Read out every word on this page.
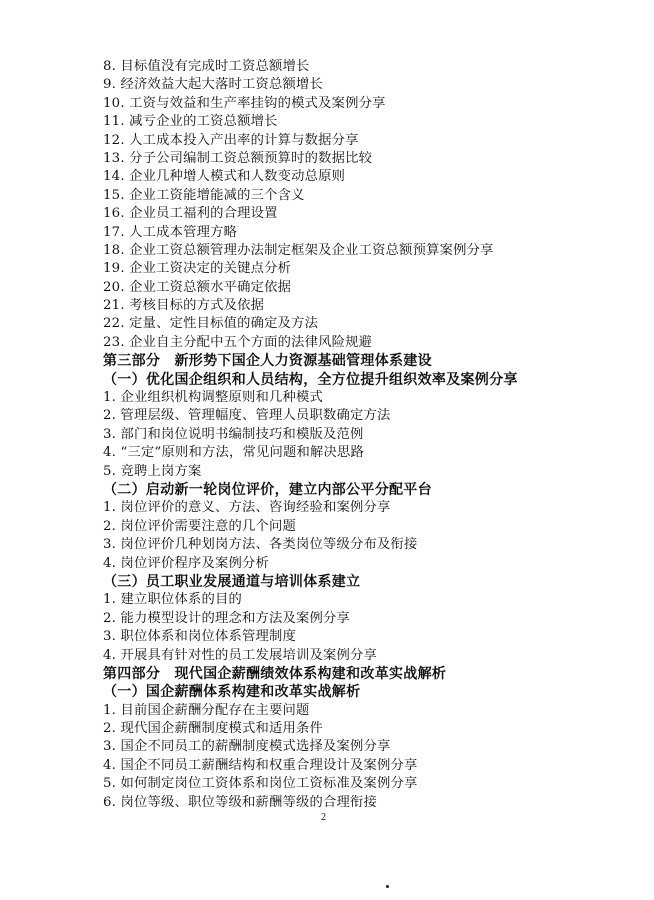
8. 目标值没有完成时工资总额增长
9. 经济效益大起大落时工资总额增长
10. 工资与效益和生产率挂钩的模式及案例分享
11. 减亏企业的工资总额增长
12. 人工成本投入产出率的计算与数据分享
13. 分子公司编制工资总额预算时的数据比较
14. 企业几种增人模式和人数变动总原则
15. 企业工资能增能减的三个含义
16. 企业员工福利的合理设置
17. 人工成本管理方略
18. 企业工资总额管理办法制定框架及企业工资总额预算案例分享
19. 企业工资决定的关键点分析
20. 企业工资总额水平确定依据
21. 考核目标的方式及依据
22. 定量、定性目标值的确定及方法
23. 企业自主分配中五个方面的法律风险规避
第三部分　新形势下国企人力资源基础管理体系建设
（一）优化国企组织和人员结构，全方位提升组织效率及案例分享
1. 企业组织机构调整原则和几种模式
2. 管理层级、管理幅度、管理人员职数确定方法
3. 部门和岗位说明书编制技巧和模版及范例
4. “三定”原则和方法，常见问题和解决思路
5. 竞聘上岗方案
（二）启动新一轮岗位评价，建立内部公平分配平台
1. 岗位评价的意义、方法、咨询经验和案例分享
2. 岗位评价需要注意的几个问题
3. 岗位评价几种划岗方法、各类岗位等级分布及衔接
4. 岗位评价程序及案例分析
（三）员工职业发展通道与培训体系建立
1. 建立职位体系的目的
2. 能力模型设计的理念和方法及案例分享
3. 职位体系和岗位体系管理制度
4. 开展具有针对性的员工发展培训及案例分享
第四部分　现代国企薪酬绩效体系构建和改革实战解析
（一）国企薪酬体系构建和改革实战解析
1. 目前国企薪酬分配存在主要问题
2. 现代国企薪酬制度模式和适用条件
3. 国企不同员工的薪酬制度模式选择及案例分享
4. 国企不同员工薪酬结构和权重合理设计及案例分享
5. 如何制定岗位工资体系和岗位工资标准及案例分享
6. 岗位等级、职位等级和薪酬等级的合理衔接
2
